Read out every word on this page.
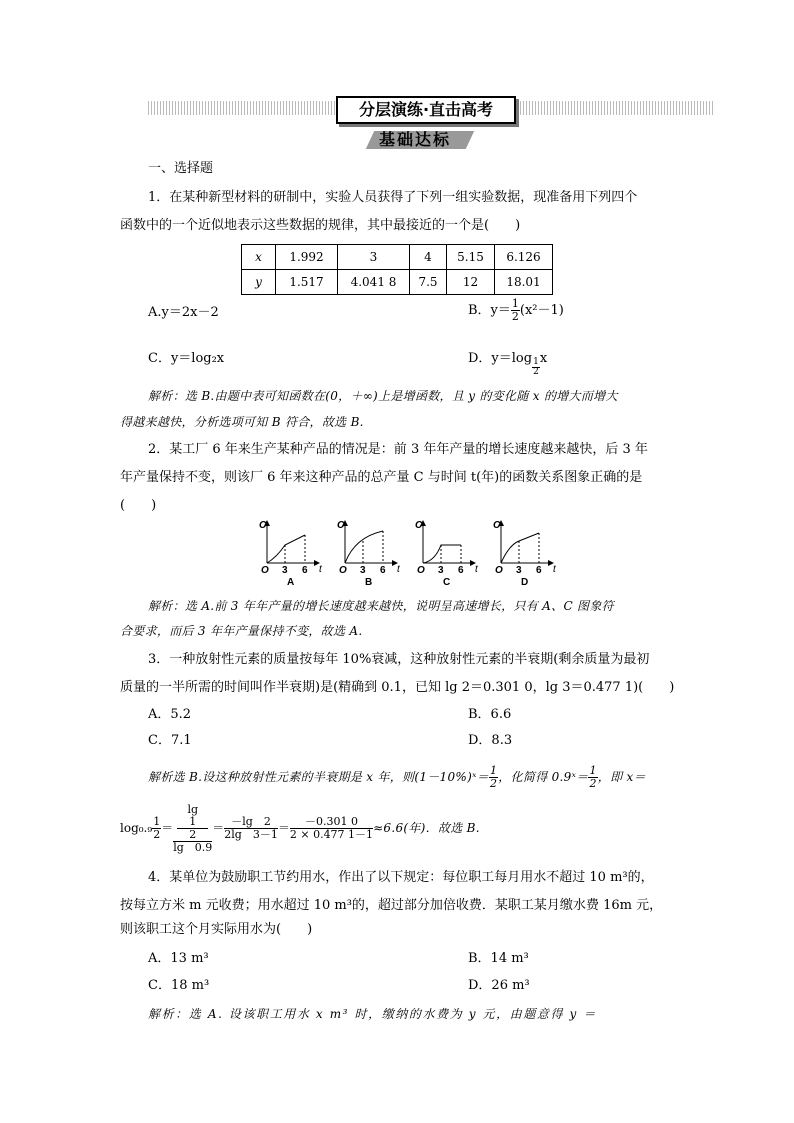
分层演练·直击高考
基础达标
一、选择题
1．在某种新型材料的研制中，实验人员获得了下列一组实验数据，现准备用下列四个
函数中的一个近似地表示这些数据的规律，其中最接近的一个是(　　)
x	1.992	3	4	5.15	6.126
y	1.517	4.041 8	7.5	12	18.01
A.y＝2x－2	B．$y= \frac{1}{2} (x^2-1)$
C．y＝log₂x	D．$y=\log \frac{1}{2}$ x
解析：选 B.由题中表可知函数在(0，＋∞)上是增函数，且 y 的变化随 x 的增大而增大
得越来越快，分析选项可知 B 符合，故选 B.
2．某工厂 6 年来生产某种产品的情况是：前 3 年年产量的增长速度越来越快，后 3 年
年产量保持不变，则该厂 6 年来这种产品的总产量 C 与时间 t(年)的函数关系图象正确的是
(　　)
C
O 3 6 t
A
C
O 3 6 t
B
C
O 3 6 t
C
C
O 3 6 t
D
解析：选 A.前 3 年年产量的增长速度越来越快，说明呈高速增长，只有 A、C 图象符
合要求，而后 3 年年产量保持不变，故选 A.
3．一种放射性元素的质量按每年 10%衰减，这种放射性元素的半衰期(剩余质量为最初
质量的一半所需的时间叫作半衰期)是(精确到 0.1，已知 lg 2＝0.301 0，lg 3＝0.477 1)(　　)
A．5.2	B．6.6
C．7.1	D．8.3
解析选 B.设这种放射性元素的半衰期是 x 年，则(1－10%)ˣ＝ $\frac{1}{2}$ ，化简得 0.9ˣ＝ $\frac{1}{2}$ ，即 x＝
$\log_0._9 \frac{1}{2} = \lg$
1
2
lg　$0.9 = \frac{-\lg 2}{2\lg 3-1} = \frac{-0.301 0}{2 \times 0.477 1-1} \approx 6.6$(年)．故选 B.
4．某单位为鼓励职工节约用水，作出了以下规定：每位职工每月用水不超过 10 m³的，
按每立方米 m 元收费；用水超过 10 m³的，超过部分加倍收费．某职工某月缴水费 16m 元，
则该职工这个月实际用水为(　　)
A．13 m³	B．14 m³
C．18 m³	D．26 m³
解析：选 A. 设该职工用水 x m³ 时，缴纳的水费为 y 元，由题意得 y ＝
